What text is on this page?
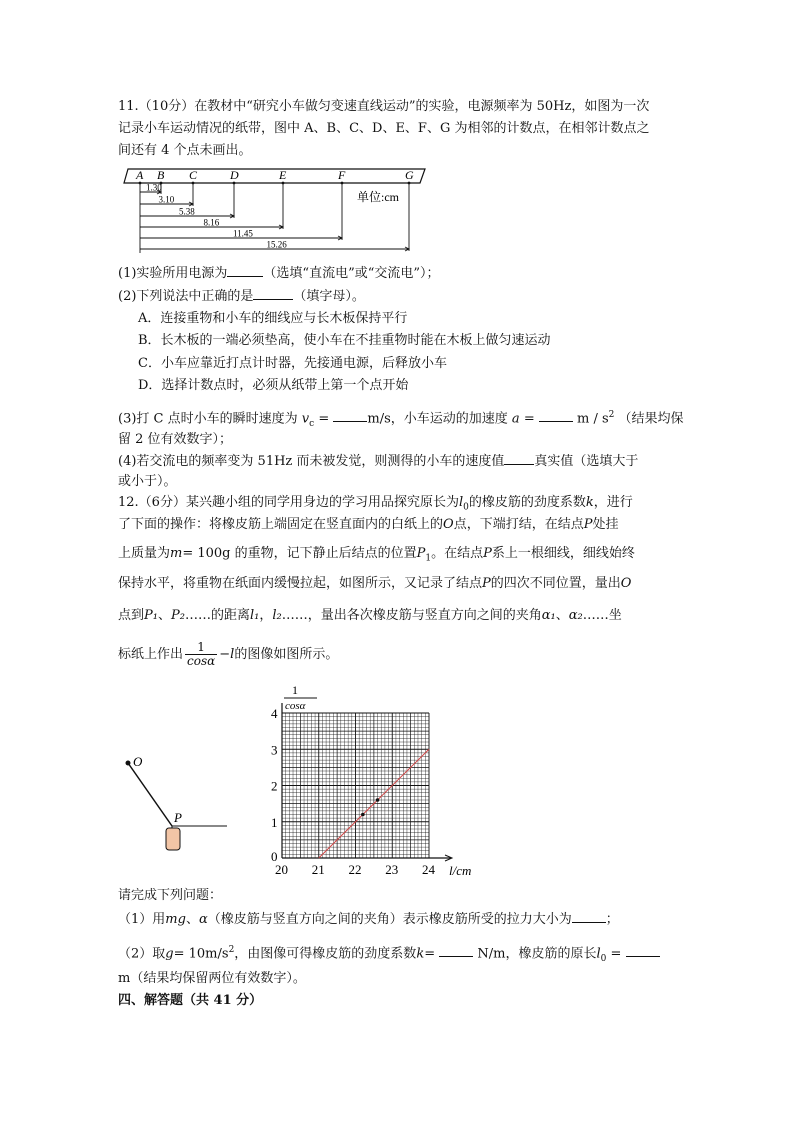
11.（10分）在教材中“研究小车做匀变速直线运动”的实验，电源频率为 50Hz，如图为一次
记录小车运动情况的纸带，图中 A、B、C、D、E、F、G 为相邻的计数点，在相邻计数点之
间还有 4 个点未画出。
A B C	D	E	F	G
1.30
3.10
5.38
8.16
11.45
15.26
单位:cm
(1)实验所用电源为	（选填“直流电”或“交流电”）；
(2)下列说法中正确的是	（填字母）。
A．连接重物和小车的细线应与长木板保持平行
B．长木板的一端必须垫高，使小车在不挂重物时能在木板上做匀速运动
C．小车应靠近打点计时器，先接通电源，后释放小车
D．选择计数点时，必须从纸带上第一个点开始
(3)打 C 点时小车的瞬时速度为 $v_c$ =	m/s，小车运动的加速度 a =	m / $s^2$ （结果均保
留 2 位有效数字）；
(4)若交流电的频率变为 51Hz 而未被发觉，则测得的小车的速度值 真实值（选填大于
或小于）。
12.（6分）某兴趣小组的同学用身边的学习用品探究原长为$l_0$的橡皮筋的劲度系数k，进行
了下面的操作：将橡皮筋上端固定在竖直面内的白纸上的O点，下端打结，在结点P处挂
上质量为m= 100g 的重物，记下静止后结点的位置$P_1$。在结点P系上一根细线，细线始终
保持水平，将重物在纸面内缓慢拉起，如图所示，又记录了结点P的四次不同位置，量出O
点到P₁、P₂……的距离l₁，l₂……，量出各次橡皮筋与竖直方向之间的夹角α₁、α₂……坐
标纸上作出 $\frac{1}{\cos\alpha} -l$的图像如图所示。
O
P
20 21 22 23 24
0
1
2
3
4
l/cm
1
cosα
请完成下列问题：
（1）用mg、α（橡皮筋与竖直方向之间的夹角）表示橡皮筋所受的拉力大小为	；
（2）取$g= 10m/s^2$，由图像可得橡皮筋的劲度系数k=	N/m，橡皮筋的原长$l_0$ =
m（结果均保留两位有效数字）。
四、解答题（共 41 分）
